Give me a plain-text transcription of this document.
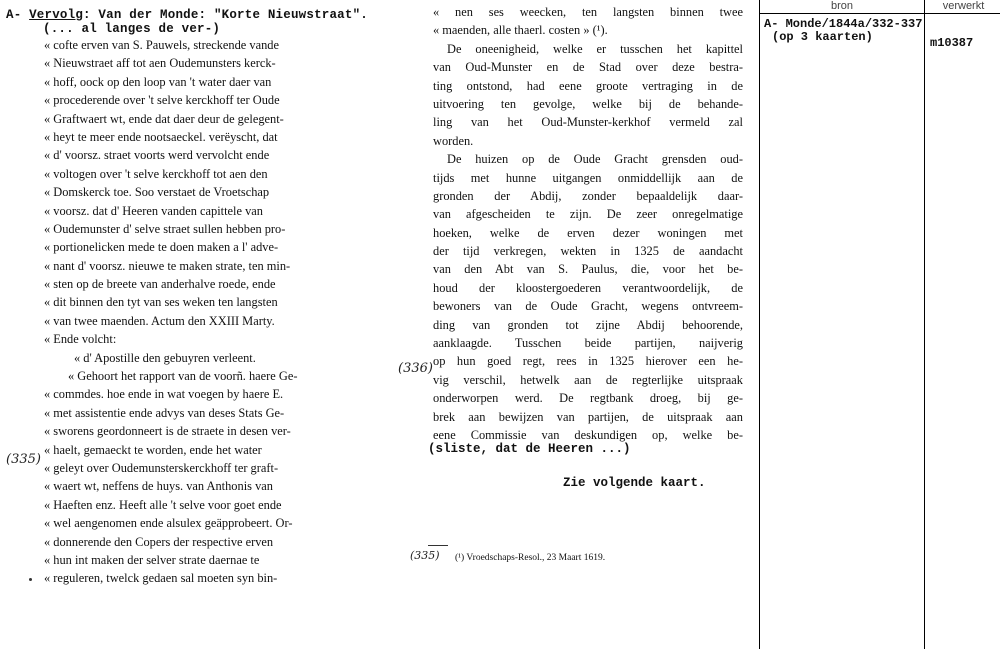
A- Vervolg: Van der Monde: "Korte Nieuwstraat".
(... al langes de ver-)
« cofte erven van S. Pauwels, streckende vande
« Nieuwstraet aff tot aen Oudemunsters kerck-
« hoff, oock op den loop van 't water daer van
« procederende over 't selve kerckhoff ter Oude
« Graftwaert wt, ende dat daer deur de gelegent-
« heyt te meer ende nootsaeckel. verëyscht, dat
« d' voorsz. straet voorts werd vervolcht ende
« voltogen over 't selve kerckhoff tot aen den
« Domskerck toe. Soo verstaet de Vroetschap
« voorsz. dat d' Heeren vanden capittele van
« Oudemunster d' selve straet sullen hebben pro-
« portionelicken mede te doen maken a l' adve-
« nant d' voorsz. nieuwe te maken strate, ten min-
« sten op de breete van anderhalve roede, ende
« dit binnen den tyt van ses weken ten langsten
« van twee maenden. Actum den XXIII Marty.
« Ende volcht:
« d' Apostille den gebuyren verleent.
« Gehoort het rapport van de voorñ. haere Ge-
« commdes. hoe ende in wat voegen by haere E.
« met assistentie ende advys van deses Stats Ge-
« sworens geordonneert is de straete in desen ver-
« haelt, gemaeckt te worden, ende het water
« geleyt over Oudemunsterskerckhoff ter graft-
« waert wt, neffens de huys. van Anthonis van
« Haeften enz. Heeft alle 't selve voor goet ende
« wel aengenomen ende alsulex geäpprobeert. Or-
« donnerende den Copers der respective erven
« hun int maken der selver strate daernae te
« reguleren, twelck gedaen sal moeten syn bin-
« nen ses weecken, ten langsten binnen twee
« maenden, alle thaerl. costen » (¹).
De oneenigheid, welke er tusschen het kapittel
van Oud-Munster en de Stad over deze bestra-
ting ontstond, had eene groote vertraging in de
uitvoering ten gevolge, welke bij de behande-
ling van het Oud-Munster-kerkhof vermeld zal
worden.
De huizen op de Oude Gracht grensden oud-
tijds met hunne uitgangen onmiddellijk aan de
gronden der Abdij, zonder bepaaldelijk daar-
van afgescheiden te zijn. De zeer onregelmatige
hoeken, welke de erven dezer woningen met
der tijd verkregen, wekten in 1325 de aandacht
van den Abt van S. Paulus, die, voor het be-
houd der kloostergoederen verantwoordelijk, de
bewoners van de Oude Gracht, wegens ontvreem-
ding van gronden tot zijne Abdij behoorende,
aanklaagde. Tusschen beide partijen, naijverig
op hun goed regt, rees in 1325 hierover een he-
vig verschil, hetwelk aan de regterlijke uitspraak
onderworpen werd. De regtbank droeg, bij ge-
brek aan bewijzen van partijen, de uitspraak aan
eene Commissie van deskundigen op, welke be-
(335)
(336)
(sliste, dat de Heeren ...)
Zie volgende kaart.
(335) (¹) Vroedschaps-Resol., 23 Maart 1619.
bron	verwerkt
A- Monde/1844a/332-337
(op 3 kaarten)	m10387
